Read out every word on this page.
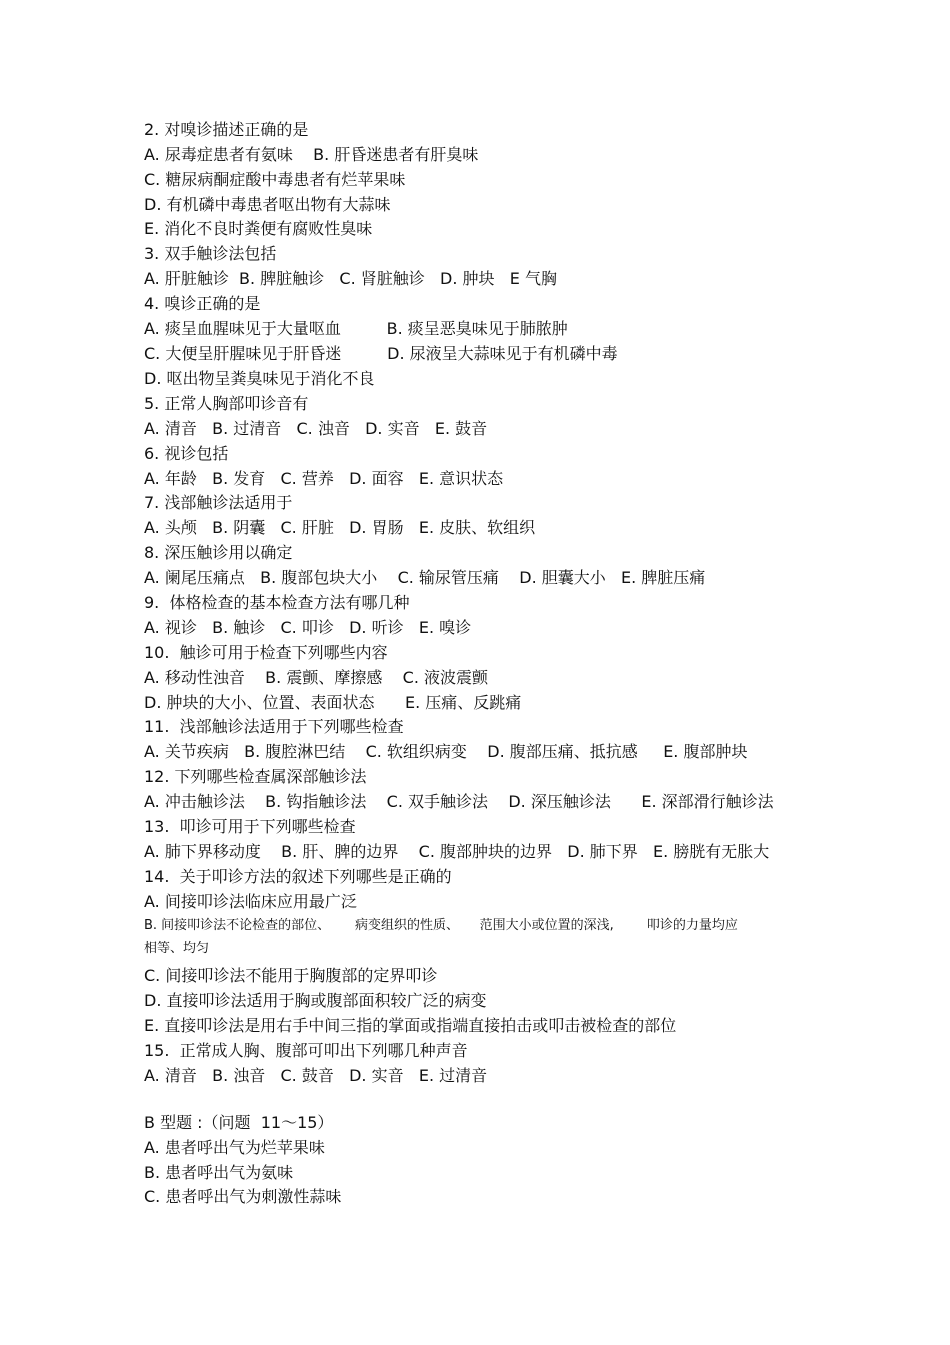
2. 对嗅诊描述正确的是
A. 尿毒症患者有氨味    B. 肝昏迷患者有肝臭味
C. 糖尿病酮症酸中毒患者有烂苹果味
D. 有机磷中毒患者呕出物有大蒜味
E. 消化不良时粪便有腐败性臭味
3. 双手触诊法包括
A. 肝脏触诊  B. 脾脏触诊   C. 肾脏触诊   D. 肿块   E 气胸
4. 嗅诊正确的是
A. 痰呈血腥味见于大量呕血         B. 痰呈恶臭味见于肺脓肿
C. 大便呈肝腥味见于肝昏迷         D. 尿液呈大蒜味见于有机磷中毒
D. 呕出物呈粪臭味见于消化不良
5. 正常人胸部叩诊音有
A. 清音   B. 过清音   C. 浊音   D. 实音   E. 鼓音
6. 视诊包括
A. 年龄   B. 发育   C. 营养   D. 面容   E. 意识状态
7. 浅部触诊法适用于
A. 头颅   B. 阴囊   C. 肝脏   D. 胃肠   E. 皮肤、软组织
8. 深压触诊用以确定
A. 阑尾压痛点   B. 腹部包块大小    C. 输尿管压痛    D. 胆囊大小   E. 脾脏压痛
9.  体格检查的基本检查方法有哪几种
A. 视诊   B. 触诊   C. 叩诊   D. 听诊   E. 嗅诊
10.  触诊可用于检查下列哪些内容
A. 移动性浊音    B. 震颤、摩擦感    C. 液波震颤
D. 肿块的大小、位置、表面状态      E. 压痛、反跳痛
11.  浅部触诊法适用于下列哪些检查
A. 关节疾病   B. 腹腔淋巴结    C. 软组织病变    D. 腹部压痛、抵抗感     E. 腹部肿块
12. 下列哪些检查属深部触诊法
A. 冲击触诊法    B. 钩指触诊法    C. 双手触诊法    D. 深压触诊法      E. 深部滑行触诊法
13.  叩诊可用于下列哪些检查
A. 肺下界移动度    B. 肝、脾的边界    C. 腹部肿块的边界   D. 肺下界   E. 膀胱有无胀大
14.  关于叩诊方法的叙述下列哪些是正确的
A. 间接叩诊法临床应用最广泛
B. 间接叩诊法不论检查的部位、      病变组织的性质、     范围大小或位置的深浅,        叩诊的力量均应
相等、均匀
C. 间接叩诊法不能用于胸腹部的定界叩诊
D. 直接叩诊法适用于胸或腹部面积较广泛的病变
E. 直接叩诊法是用右手中间三指的掌面或指端直接拍击或叩击被检查的部位
15.  正常成人胸、腹部可叩出下列哪几种声音
A. 清音   B. 浊音   C. 鼓音   D. 实音   E. 过清音
B 型题 :（问题  11～15）
A. 患者呼出气为烂苹果味
B. 患者呼出气为氨味
C. 患者呼出气为刺激性蒜味
